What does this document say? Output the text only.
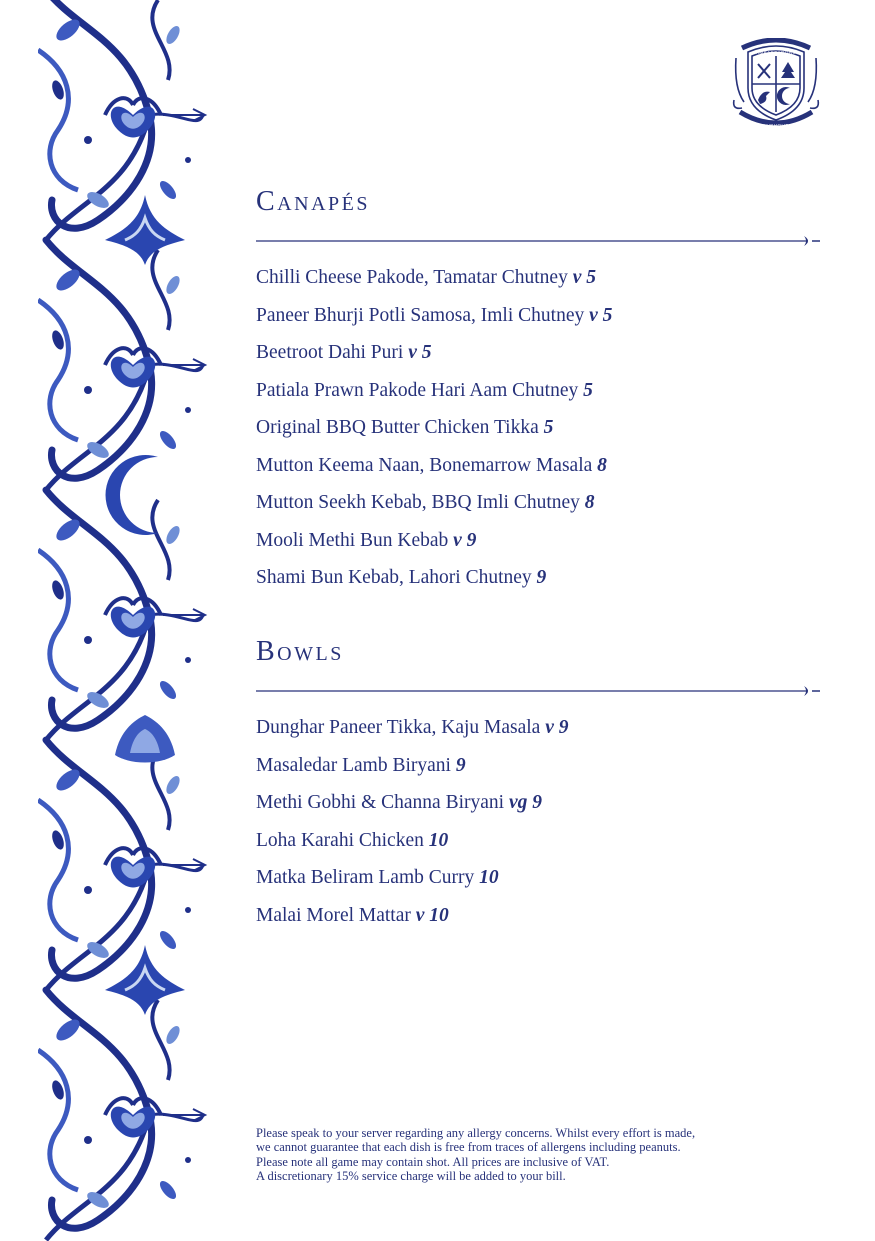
AMBASSADORS
CLUBHOUSE
Canapés
Chilli Cheese Pakode, Tamatar Chutney v 5
Paneer Bhurji Potli Samosa, Imli Chutney v 5
Beetroot Dahi Puri v 5
Patiala Prawn Pakode Hari Aam Chutney 5
Original BBQ Butter Chicken Tikka 5
Mutton Keema Naan, Bonemarrow Masala 8
Mutton Seekh Kebab, BBQ Imli Chutney 8
Mooli Methi Bun Kebab v 9
Shami Bun Kebab, Lahori Chutney 9
Bowls
Dunghar Paneer Tikka, Kaju Masala v 9
Masaledar Lamb Biryani 9
Methi Gobhi & Channa Biryani vg 9
Loha Karahi Chicken 10
Matka Beliram Lamb Curry 10
Malai Morel Mattar v 10
Please speak to your server regarding any allergy concerns. Whilst every effort is made,
we cannot guarantee that each dish is free from traces of allergens including peanuts.
Please note all game may contain shot. All prices are inclusive of VAT.
A discretionary 15% service charge will be added to your bill.
